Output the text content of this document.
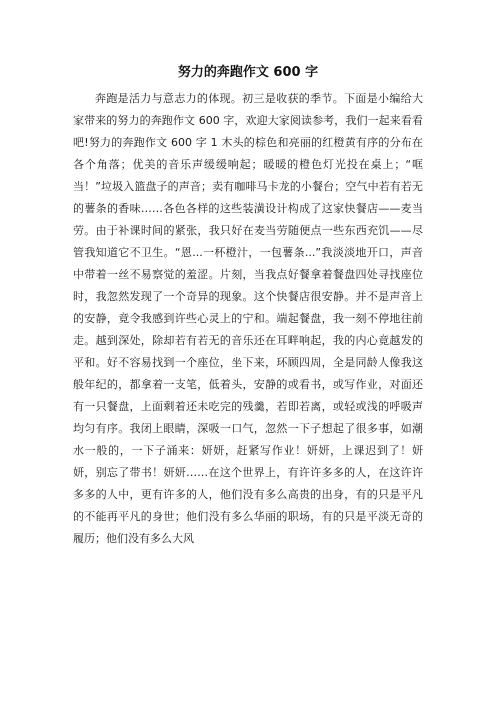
努力的奔跑作文 600 字

奔跑是活力与意志力的体现。初三是收获的季节。下面是小编给大家带来的努力的奔跑作文 600 字，欢迎大家阅读参考，我们一起来看看吧!努力的奔跑作文 600 字 1 木头的棕色和亮丽的红橙黄有序的分布在各个角落；优美的音乐声缓缓响起；暖暖的橙色灯光投在桌上；“哐当！”垃圾入篮盘子的声音；卖有咖啡马卡龙的小餐台；空气中若有若无的薯条的香味……各色各样的这些装潢设计构成了这家快餐店——麦当劳。由于补课时间的紧张，我只好在麦当劳随便点一些东西充饥——尽管我知道它不卫生。“恩...一杯橙汁，一包薯条...”我淡淡地开口，声音中带着一丝不易察觉的羞涩。片刻，当我点好餐拿着餐盘四处寻找座位时，我忽然发现了一个奇异的现象。这个快餐店很安静。并不是声音上的安静，竟令我感到许些心灵上的宁和。端起餐盘，我一刻不停地往前走。越到深处，除却若有若无的音乐还在耳畔响起，我的内心竟越发的平和。好不容易找到一个座位，坐下来，环顾四周，全是同龄人像我这般年纪的，都拿着一支笔，低着头，安静的或看书，或写作业，对面还有一只餐盘，上面剩着还未吃完的残羹，若即若离，或轻或浅的呼吸声均匀有序。我闭上眼睛，深吸一口气，忽然一下子想起了很多事，如潮水一般的，一下子涌来：妍妍，赶紧写作业！妍妍，上课迟到了！妍妍，别忘了带书！妍妍……在这个世界上，有许许多多的人，在这许许多多的人中，更有许多的人，他们没有多么高贵的出身，有的只是平凡的不能再平凡的身世；他们没有多么华丽的职场，有的只是平淡无奇的履历；他们没有多么大风
